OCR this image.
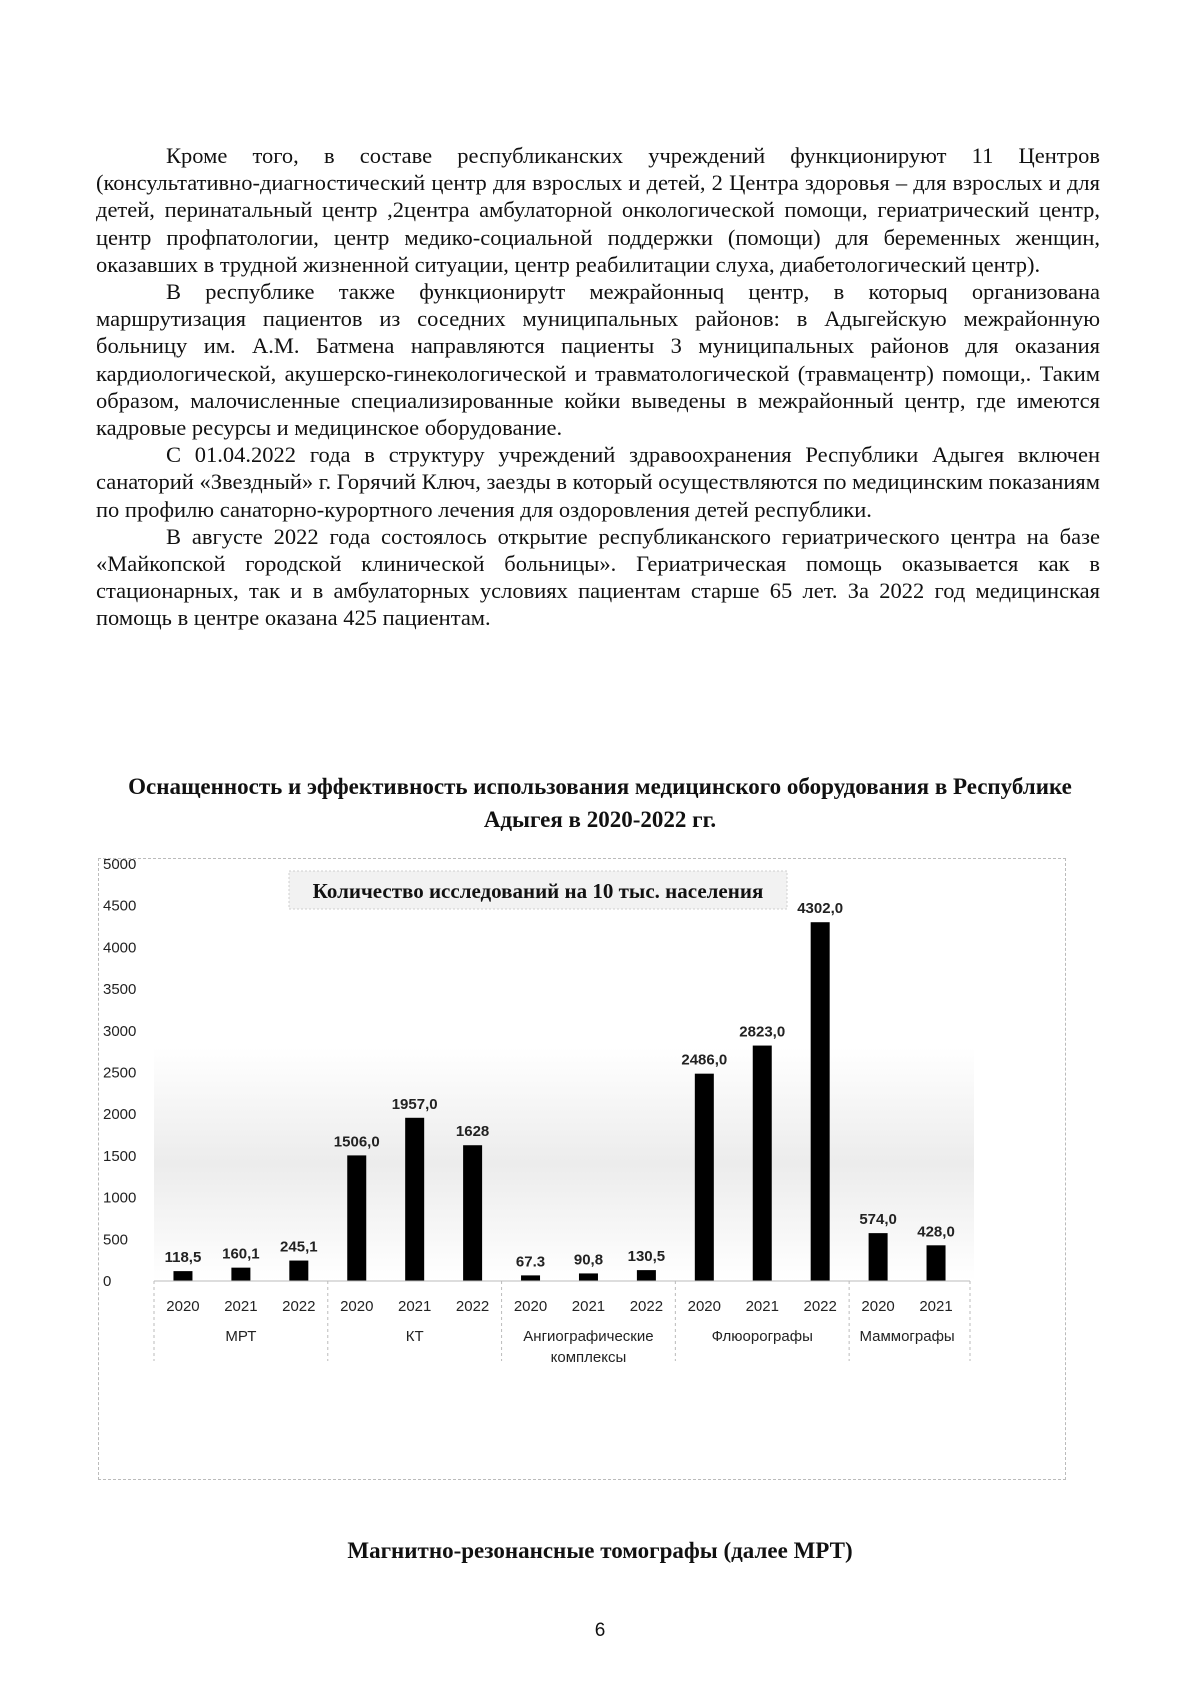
Кроме того, в составе республиканских учреждений функционируют 11 Центров (консультативно-диагностический центр для взрослых и детей, 2 Центра здоровья – для взрослых и для детей, перинатальный центр ,2центра амбулаторной онкологической помощи, гериатрический центр, центр профпатологии, центр медико-социальной поддержки (помощи) для беременных женщин, оказавших в трудной жизненной ситуации, центр реабилитации слуха, диабетологический центр).

В республике также функционируtт межрайонныq центр, в которыq организована маршрутизация пациентов из соседних муниципальных районов: в Адыгейскую межрайонную больницу им. А.М. Батмена направляются пациенты 3 муниципальных районов для оказания кардиологической, акушерско-гинекологической и травматологической (травмацентр) помощи,. Таким образом, малочисленные специализированные койки выведены в межрайонный центр, где имеются кадровые ресурсы и медицинское оборудование.

С 01.04.2022 года в структуру учреждений здравоохранения Республики Адыгея включен санаторий «Звездный» г. Горячий Ключ, заезды в который осуществляются по медицинским показаниям по профилю санаторно-курортного лечения для оздоровления детей республики.

В августе 2022 года состоялось открытие республиканского гериатрического центра на базе «Майкопской городской клинической больницы». Гериатрическая помощь оказывается как в стационарных, так и в амбулаторных условиях пациентам старше 65 лет. За 2022 год медицинская помощь в центре оказана 425 пациентам.

Оснащенность и эффективность использования медицинского оборудования в Республике Адыгея в 2020-2022 гг.
Количество исследований на 10 тыс. населения
0
500
1000
1500
2000
2500
3000
3500
4000
4500
5000
118,5
2020
160,1
2021
245,1
2022
1506,0
2020
1957,0
2021
1628
2022
67.3
2020
90,8
2021
130,5
2022
2486,0
2020
2823,0
2021
4302,0
2022
574,0
2020
428,0
2021
МРТ	КТ	Ангиографические
комплексы
Флюорографы	Маммографы
Магнитно-резонансные томографы (далее МРТ)
6
